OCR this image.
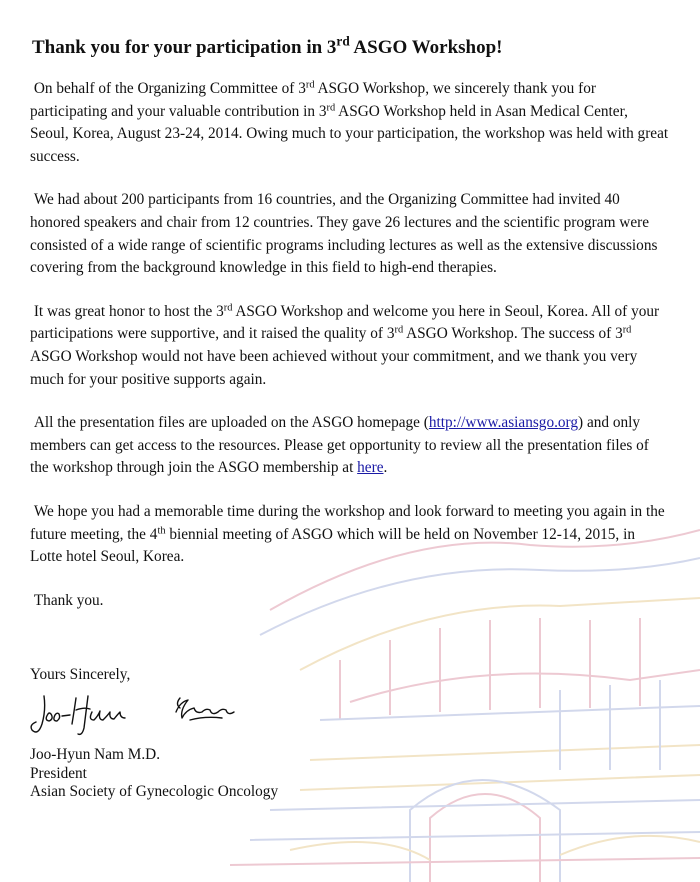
Thank you for your participation in 3rd ASGO Workshop!

On behalf of the Organizing Committee of 3rd ASGO Workshop, we sincerely thank you for participating and your valuable contribution in 3rd ASGO Workshop held in Asan Medical Center, Seoul, Korea, August 23-24, 2014. Owing much to your participation, the workshop was held with great success.

We had about 200 participants from 16 countries, and the Organizing Committee had invited 40 honored speakers and chair from 12 countries. They gave 26 lectures and the scientific program were consisted of a wide range of scientific programs including lectures as well as the extensive discussions covering from the background knowledge in this field to high-end therapies.

It was great honor to host the 3rd ASGO Workshop and welcome you here in Seoul, Korea. All of your participations were supportive, and it raised the quality of 3rd ASGO Workshop. The success of 3rd ASGO Workshop would not have been achieved without your commitment, and we thank you very much for your positive supports again.

All the presentation files are uploaded on the ASGO homepage (http://www.asiansgo.org) and only members can get access to the resources. Please get opportunity to review all the presentation files of the workshop through join the ASGO membership at here.

We hope you had a memorable time during the workshop and look forward to meeting you again in the future meeting, the 4th biennial meeting of ASGO which will be held on November 12-14, 2015, in Lotte hotel Seoul, Korea.

Thank you.

Yours Sincerely,
Joo-Hyun Nam M.D.
President
Asian Society of Gynecologic Oncology
